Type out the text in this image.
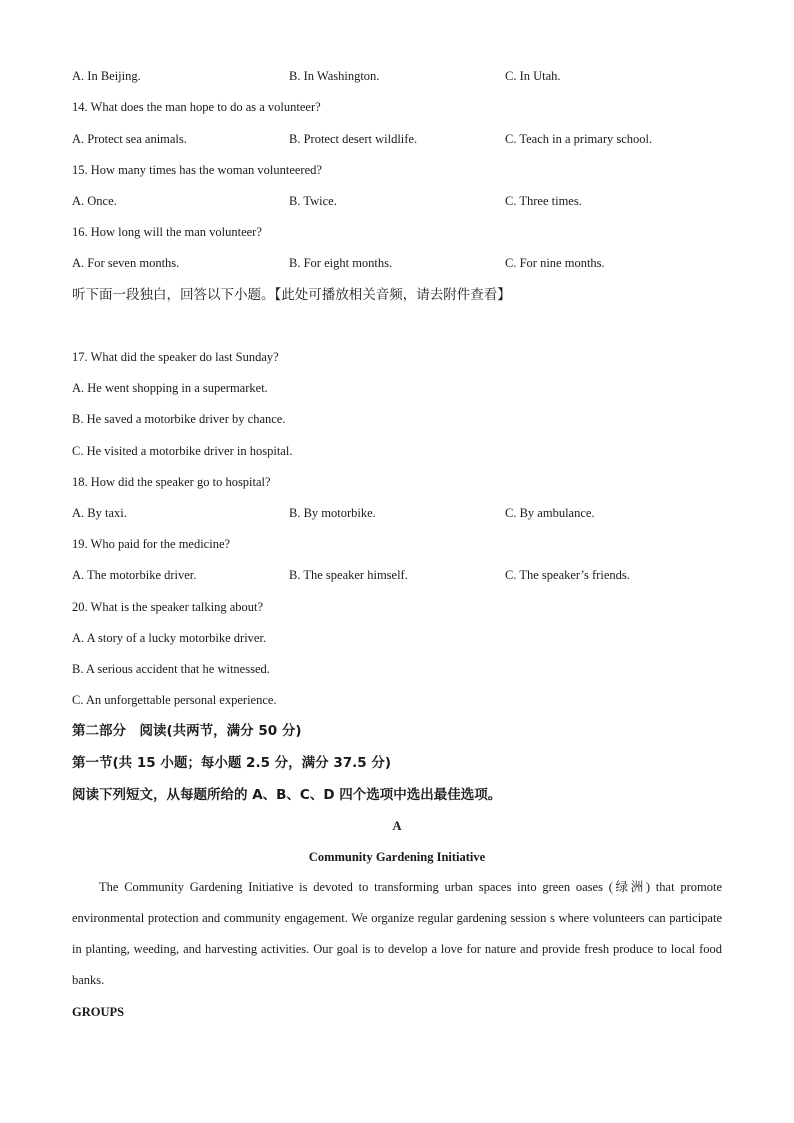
A. In Beijing.	B. In Washington.	C. In Utah.
14. What does the man hope to do as a volunteer?
A. Protect sea animals.	B. Protect desert wildlife.	C. Teach in a primary school.
15. How many times has the woman volunteered?
A. Once.	B. Twice.	C. Three times.
16. How long will the man volunteer?
A. For seven months.	B. For eight months.	C. For nine months.
听下面一段独白，回答以下小题。【此处可播放相关音频，请去附件查看】
17. What did the speaker do last Sunday?
A. He went shopping in a supermarket.
B. He saved a motorbike driver by chance.
C. He visited a motorbike driver in hospital.
18. How did the speaker go to hospital?
A. By taxi.	B. By motorbike.	C. By ambulance.
19. Who paid for the medicine?
A. The motorbike driver.	B. The speaker himself.	C. The speaker’s friends.
20. What is the speaker talking about?
A. A story of a lucky motorbike driver.
B. A serious accident that he witnessed.
C. An unforgettable personal experience.
第二部分　阅读(共两节，满分 50 分)
第一节(共 15 小题；每小题 2.5 分，满分 37.5 分)
阅读下列短文，从每题所给的 A、B、C、D 四个选项中选出最佳选项。
A
Community Gardening Initiative
The Community Gardening Initiative is devoted to transforming urban spaces into green oases (绿洲) that promote environmental protection and community engagement. We organize regular gardening session s where volunteers can participate in planting, weeding, and harvesting activities. Our goal is to develop a love for nature and provide fresh produce to local food banks.
GROUPS
